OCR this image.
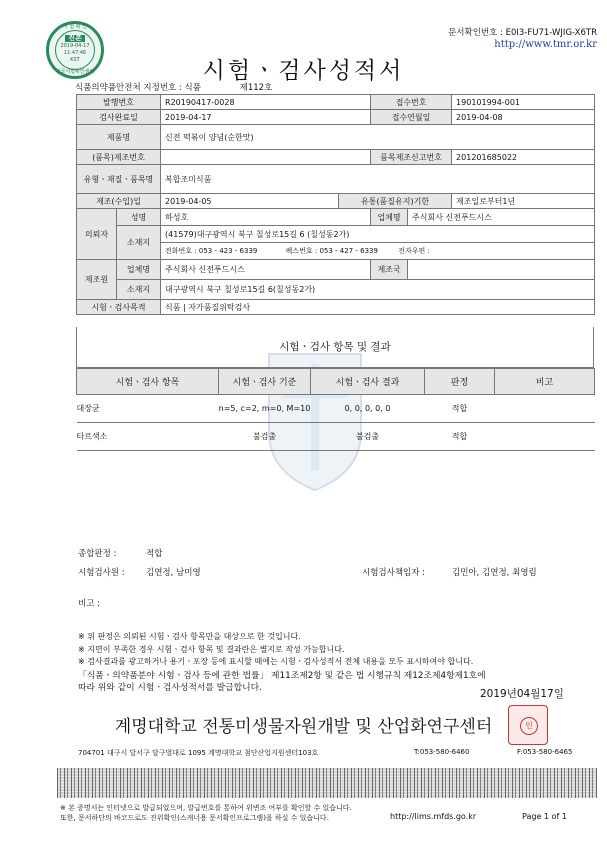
문서확인번호 : E0I3-FU71-WJIG-X6TR
http://www.tmr.or.kr
시 험 확 인
진본
2019-04-17
11:47:46
KST
한국시험확인센터	시험ㆍ검사성적서
식품의약품안전처 지정번호 : 식품	제112호
발행번호		R20190417-0028		접수번호		190101994-001
검사완료일		2019-04-17		접수연월일		2019-04-08
제품명		신전 떡볶이 양념(순한맛)				
(품목)제조번호				품목제조신고번호		201201685022
유형ㆍ재질ㆍ품목명		복합조미식품				
제조(수입)일		2019-04-05	유통(품질유지)기한			제조일로부터1년
의뢰자	성명	하성호		업체명	주식회사 신전푸드시스	
	소재지	(41579)대구광역시 북구 칠성로15길 6 (칠성동2가)				
		전화번호 : 053 - 423 - 6339 팩스번호 : 053 - 427 - 6339 전자우편 :				
제조원	업체명	주식회사 신전푸드시스		제조국		
	소재지	대구광역시 북구 칠성로15길 6(칠성동2가)				
시험ㆍ검사목적		식품 | 자가품질위탁검사				
시험ㆍ검사 항목 및 결과
시험ㆍ검사 항목	시험ㆍ검사 기준	시험ㆍ검사 결과	판정	비고
대장균	n=5, c=2, m=0, M=10	0, 0, 0, 0, 0	적합	
타르색소	불검출	불검출	적합	
종합판정 :	적합
시험검사원 :	김연정, 남미영	시험검사책임자 :	김민아, 김연정, 최영림
비고 :
※ 위 판정은 의뢰된 시험ㆍ검사 항목만을 대상으로 한 것입니다.
※ 지면이 부족한 경우 시험ㆍ검사 항목 및 결과란은 별지로 작성 가능합니다.
※ 검사결과를 광고하거나 용기ㆍ포장 등에 표시할 때에는 시험ㆍ검사성적서 전체 내용을 모두 표시하여야 합니다.
「식품ㆍ의약품분야 시험ㆍ검사 등에 관한 법률」 제11조제2항 및 같은 법 시행규칙 제12조제4항제1호에
따라 위와 같이 시험ㆍ검사성적서를 발급합니다.	2019년04월17일
계명대학교 전통미생물자원개발 및 산업화연구센터	인
704701 대구시 달서구 달구벌대로 1095 계명대학교 첨단산업지원센터103호	T:053-580-6460	F:053-580-6465
※ 본 증명서는 인터넷으로 발급되었으며, 발급번호를 통하여 위변조 여부를 확인할 수 있습니다.
또한, 문서하단의 바코드로도 진위확인(스캐너용 문서확인프로그램)을 하실 수 있습니다.	http://lims.mfds.go.kr	Page 1 of 1
